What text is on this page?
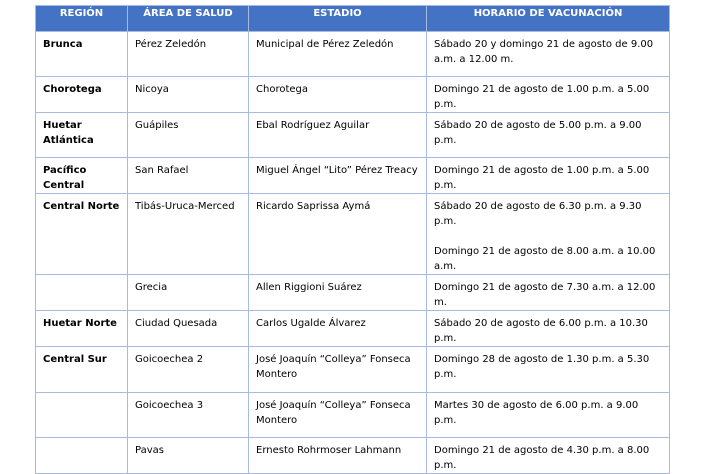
REGIÓN	ÁREA DE SALUD	ESTADIO	HORARIO DE VACUNACIÓN
Brunca	Pérez Zeledón	Municipal de Pérez Zeledón	Sábado 20 y domingo 21 de agosto de 9.00 a.m. a 12.00 m.

Chorotega	Nicoya	Chorotega	Domingo 21 de agosto de 1.00 p.m. a 5.00 p.m.

Huetar Atlántica	Guápiles	Ebal Rodríguez Aguilar	Sábado 20 de agosto de 5.00 p.m. a 9.00 p.m.

Pacífico Central	San Rafael	Miguel Ángel “Lito” Pérez Treacy	Domingo 21 de agosto de 1.00 p.m. a 5.00 p.m.

Central Norte	Tibás-Uruca-Merced	Ricardo Saprissa Aymá	Sábado 20 de agosto de 6.30 p.m. a 9.30 p.m.
Domingo 21 de agosto de 8.00 a.m. a 10.00 a.m.

	Grecia	Allen Riggioni Suárez	Domingo 21 de agosto de 7.30 a.m. a 12.00 m.

Huetar Norte	Ciudad Quesada	Carlos Ugalde Álvarez	Sábado 20 de agosto de 6.00 p.m. a 10.30 p.m.

Central Sur	Goicoechea 2	José Joaquín “Colleya” Fonseca Montero	Domingo 28 de agosto de 1.30 p.m. a 5.30 p.m.

	Goicoechea 3	José Joaquín “Colleya” Fonseca Montero	Martes 30 de agosto de 6.00 p.m. a 9.00 p.m.

	Pavas	Ernesto Rohrmoser Lahmann	Domingo 21 de agosto de 4.30 p.m. a 8.00 p.m.
